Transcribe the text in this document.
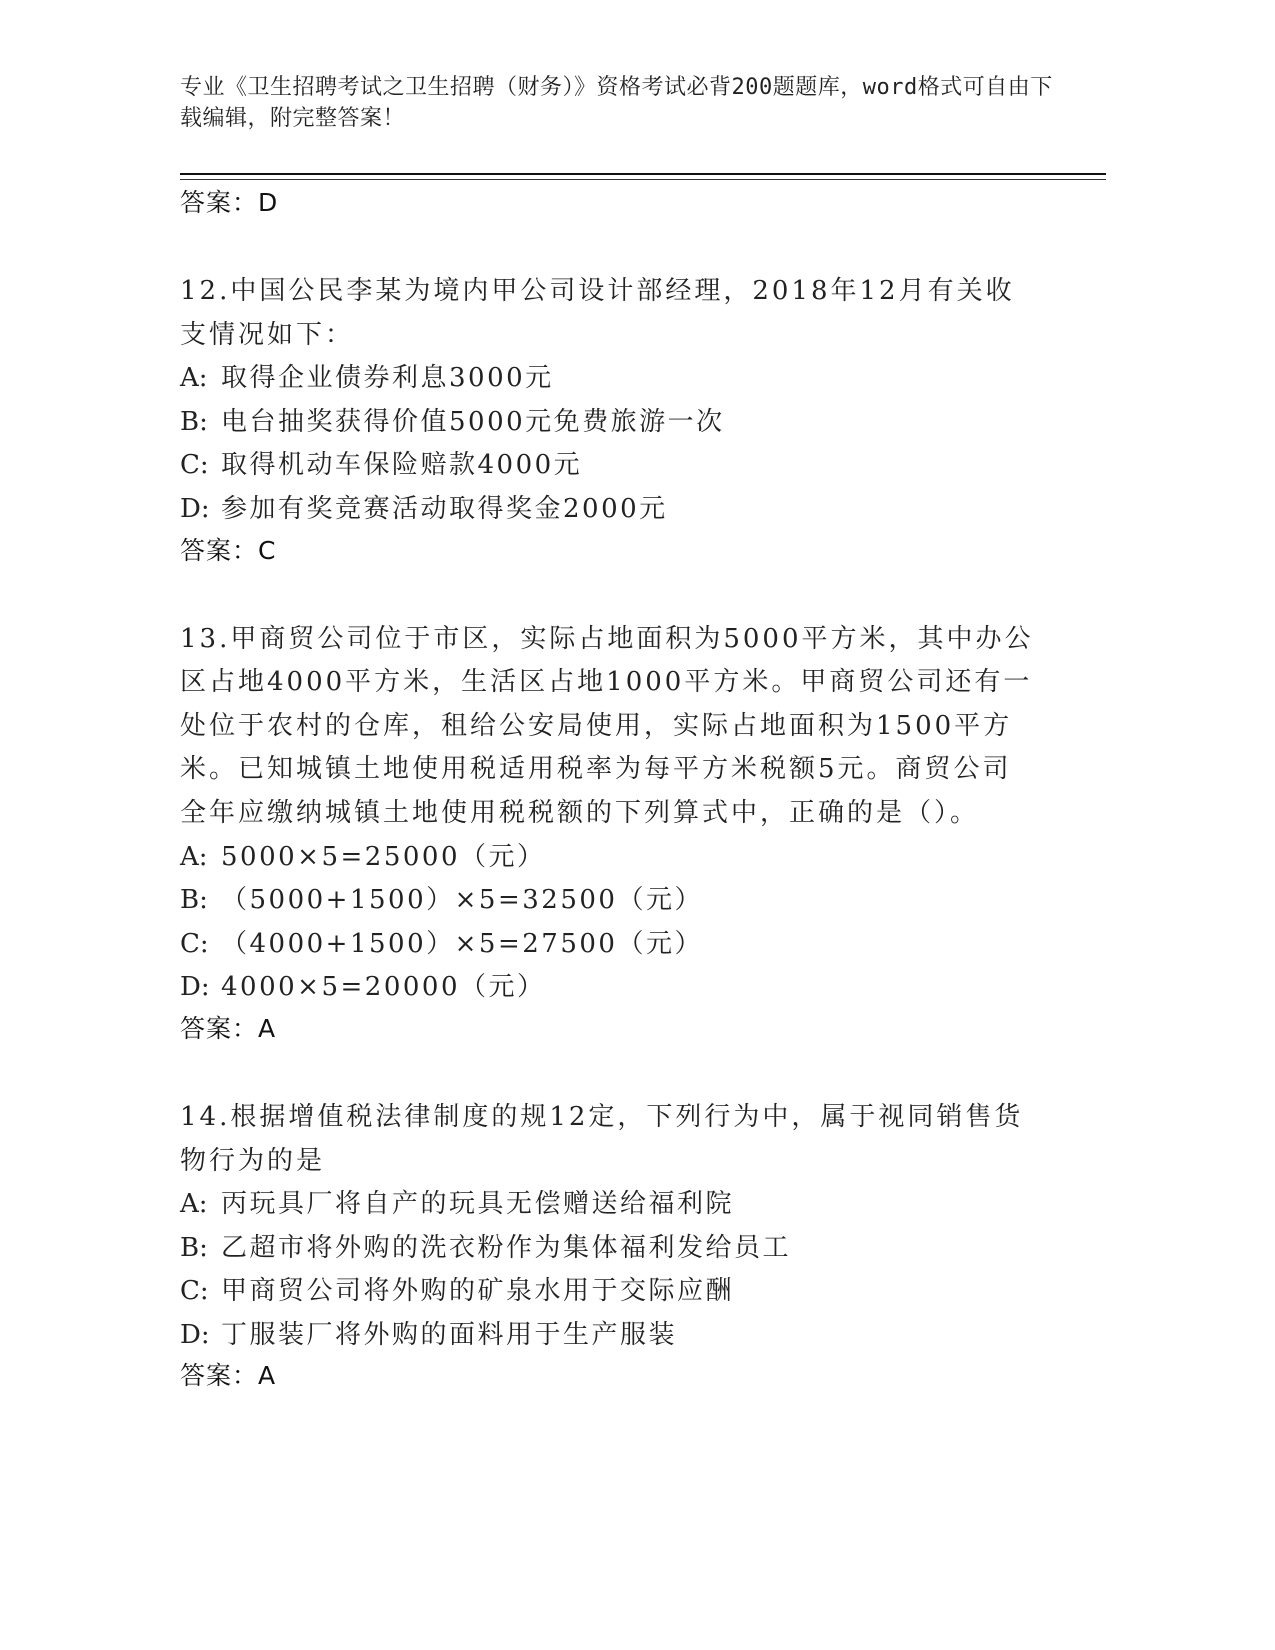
专业《卫生招聘考试之卫生招聘（财务）》资格考试必背200题题库，word格式可自由下载编辑，附完整答案！
答案：D
12.中国公民李某为境内甲公司设计部经理，2018年12月有关收支情况如下：
A: 取得企业债券利息3000元
B: 电台抽奖获得价值5000元免费旅游一次
C: 取得机动车保险赔款4000元
D: 参加有奖竞赛活动取得奖金2000元
答案：C
13.甲商贸公司位于市区，实际占地面积为5000平方米，其中办公区占地4000平方米，生活区占地1000平方米。甲商贸公司还有一处位于农村的仓库，租给公安局使用，实际占地面积为1500平方米。已知城镇土地使用税适用税率为每平方米税额5元。商贸公司全年应缴纳城镇土地使用税税额的下列算式中，正确的是（）。
A: 5000×5=25000（元）
B: （5000+1500）×5=32500（元）
C: （4000+1500）×5=27500（元）
D: 4000×5=20000（元）
答案：A
14.根据增值税法律制度的规12定，下列行为中，属于视同销售货物行为的是
A: 丙玩具厂将自产的玩具无偿赠送给福利院
B: 乙超市将外购的洗衣粉作为集体福利发给员工
C: 甲商贸公司将外购的矿泉水用于交际应酬
D: 丁服装厂将外购的面料用于生产服装
答案：A
